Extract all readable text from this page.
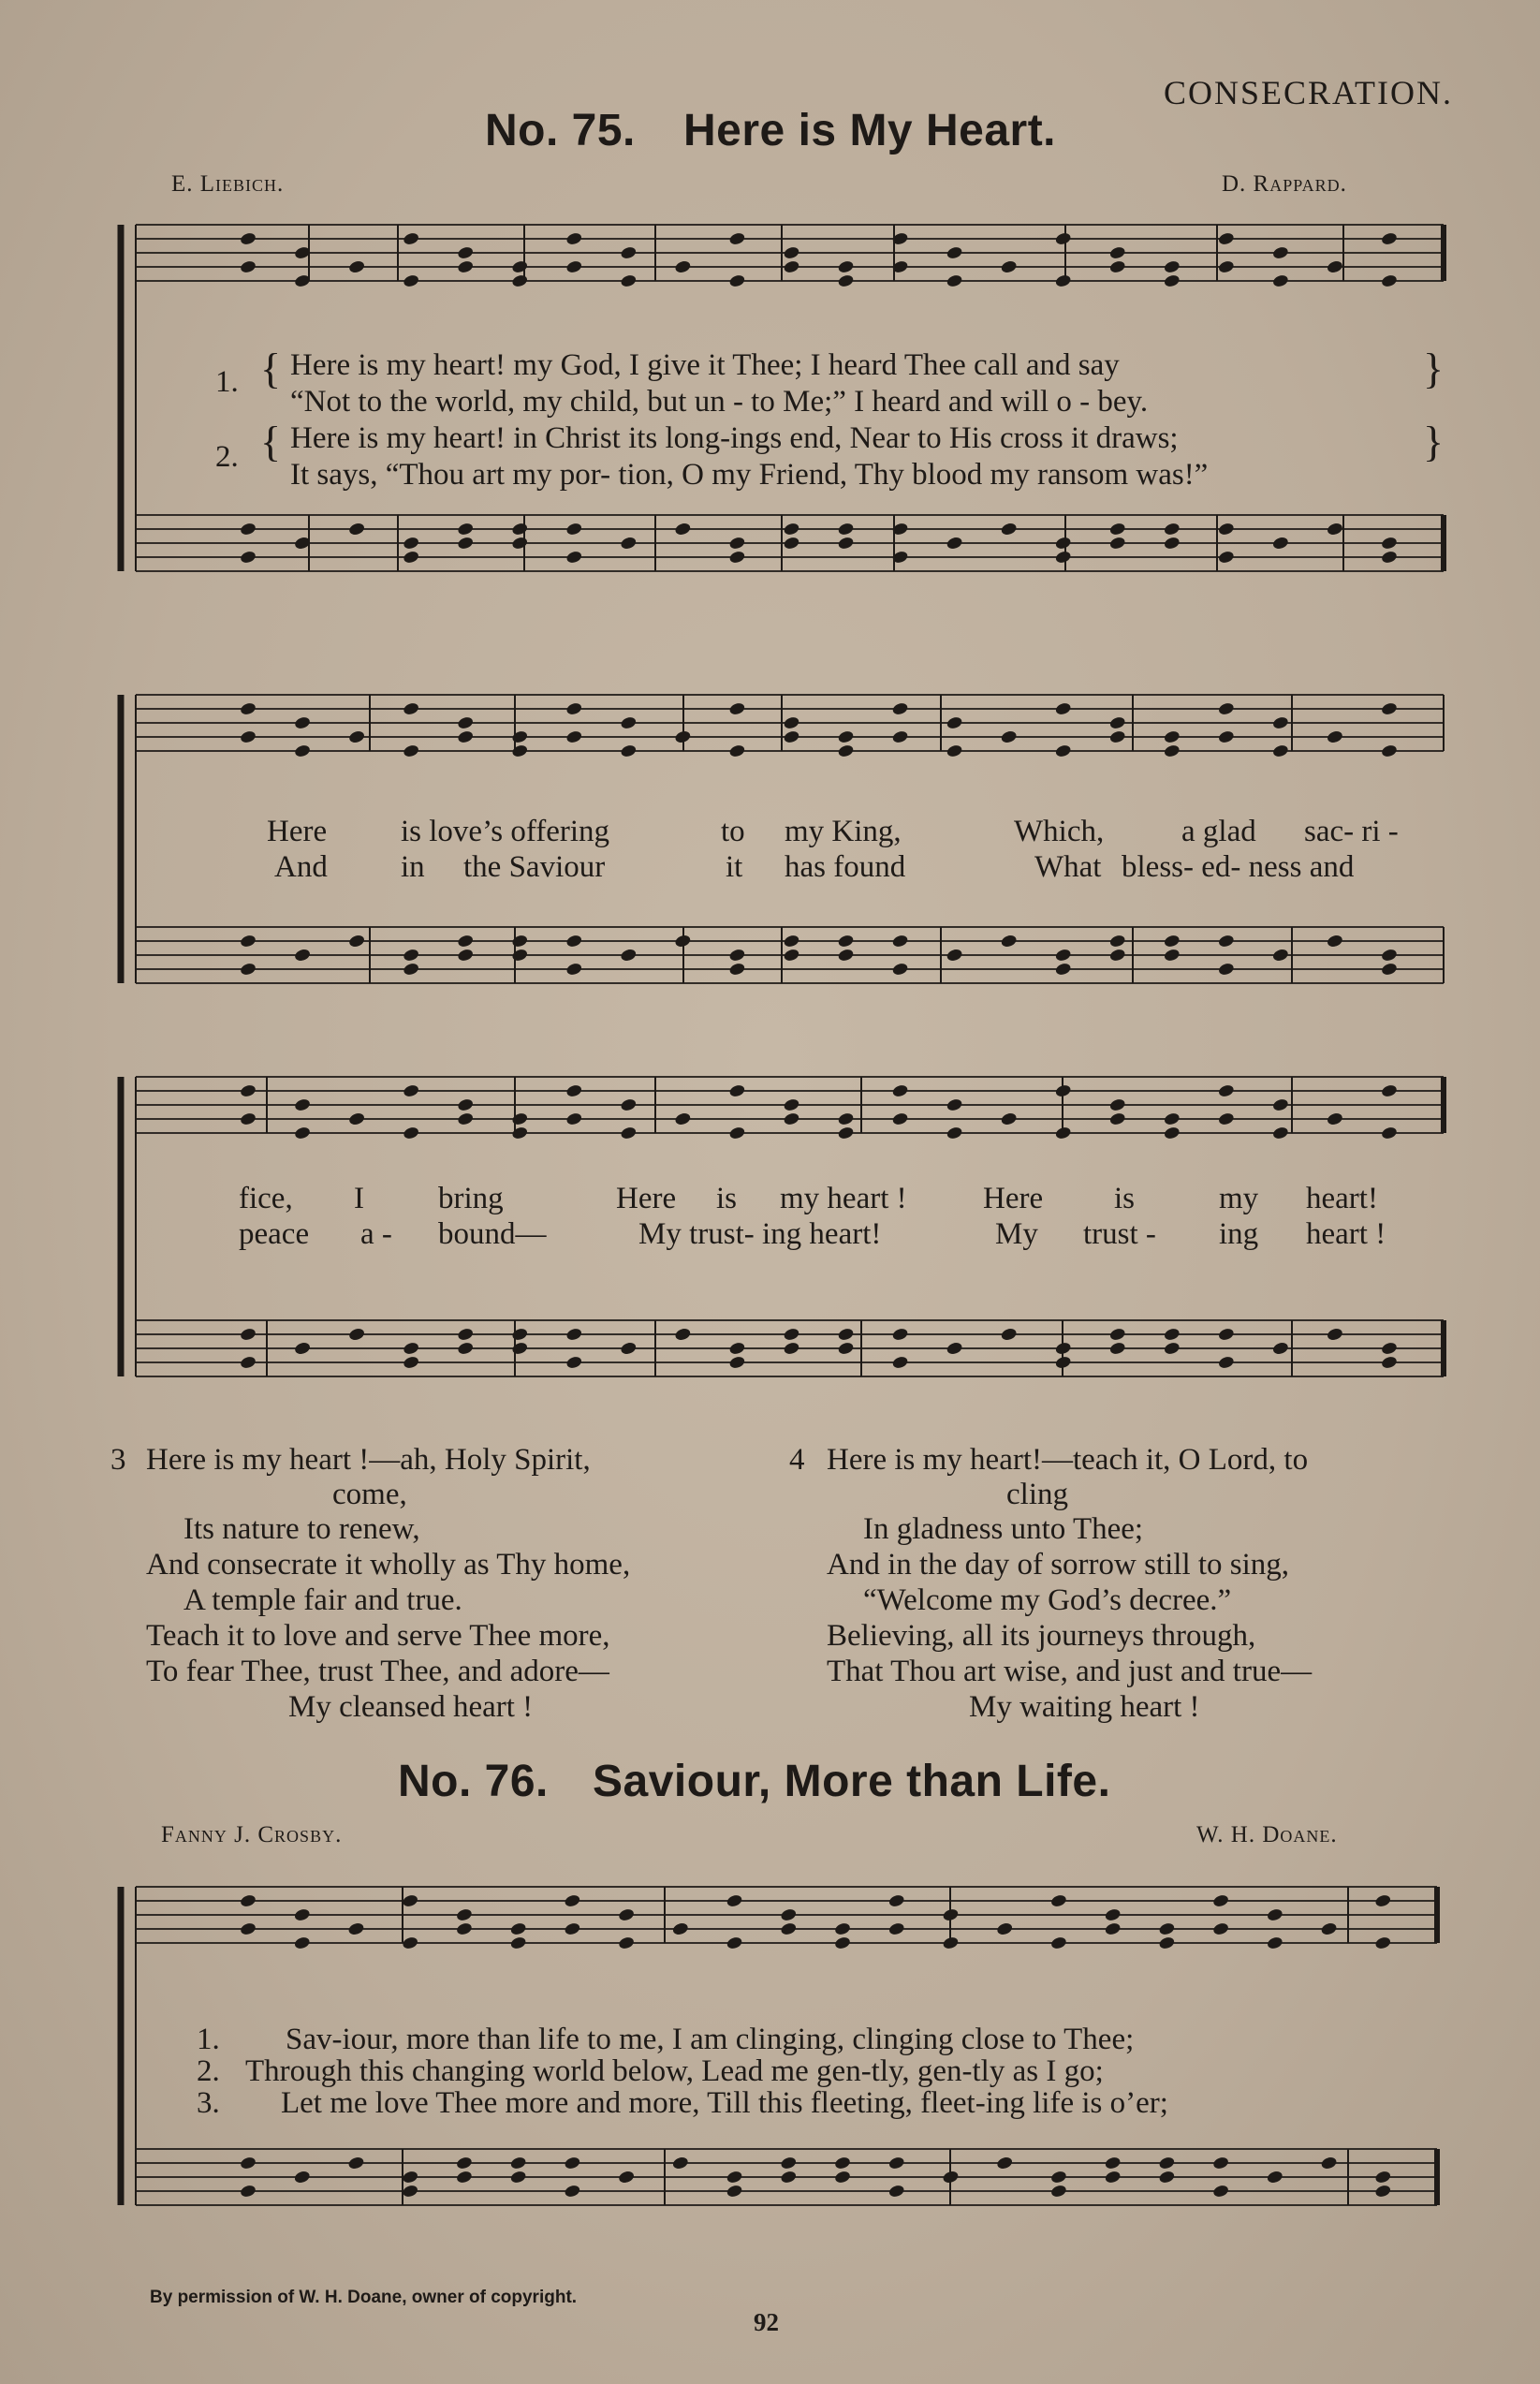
CONSECRATION.
No. 75. Here is My Heart.
E. Liebich.	D. Rappard.
1. { Here is my heart! my God, I give it Thee; I heard Thee call and say
“Not to the world, my child, but un - to Me;” I heard and will o - bey.
}
2. { Here is my heart! in Christ its long-ings end, Near to His cross it draws;
It says, “Thou art my por- tion, O my Friend, Thy blood my ransom was!”
}
Here is love’s offering	to my King,	Which,	a glad sac- ri -
And in the Saviour	it has found	What bless- ed- ness and
fice, I bring	Here is my heart ! Here is	my heart!
peace a - bound—	My trust- ing heart!	My trust - ing heart !
3 Here is my heart !—ah, Holy Spirit,
come,
Its nature to renew,
And consecrate it wholly as Thy home,
A temple fair and true.
Teach it to love and serve Thee more,
To fear Thee, trust Thee, and adore—
My cleansed heart !
4 Here is my heart!—teach it, O Lord, to
cling
In gladness unto Thee;
And in the day of sorrow still to sing,
“Welcome my God’s decree.”
Believing, all its journeys through,
That Thou art wise, and just and true—
My waiting heart !
No. 76. Saviour, More than Life.
Fanny J. Crosby.	W. H. Doane.
1. Sav-iour, more than life to me, I am clinging, clinging close to Thee;
2. Through this changing world below, Lead me gen-tly, gen-tly as I go;
3. Let me love Thee more and more, Till this fleeting, fleet-ing life is o’er;
By permission of W. H. Doane, owner of copyright.
92
